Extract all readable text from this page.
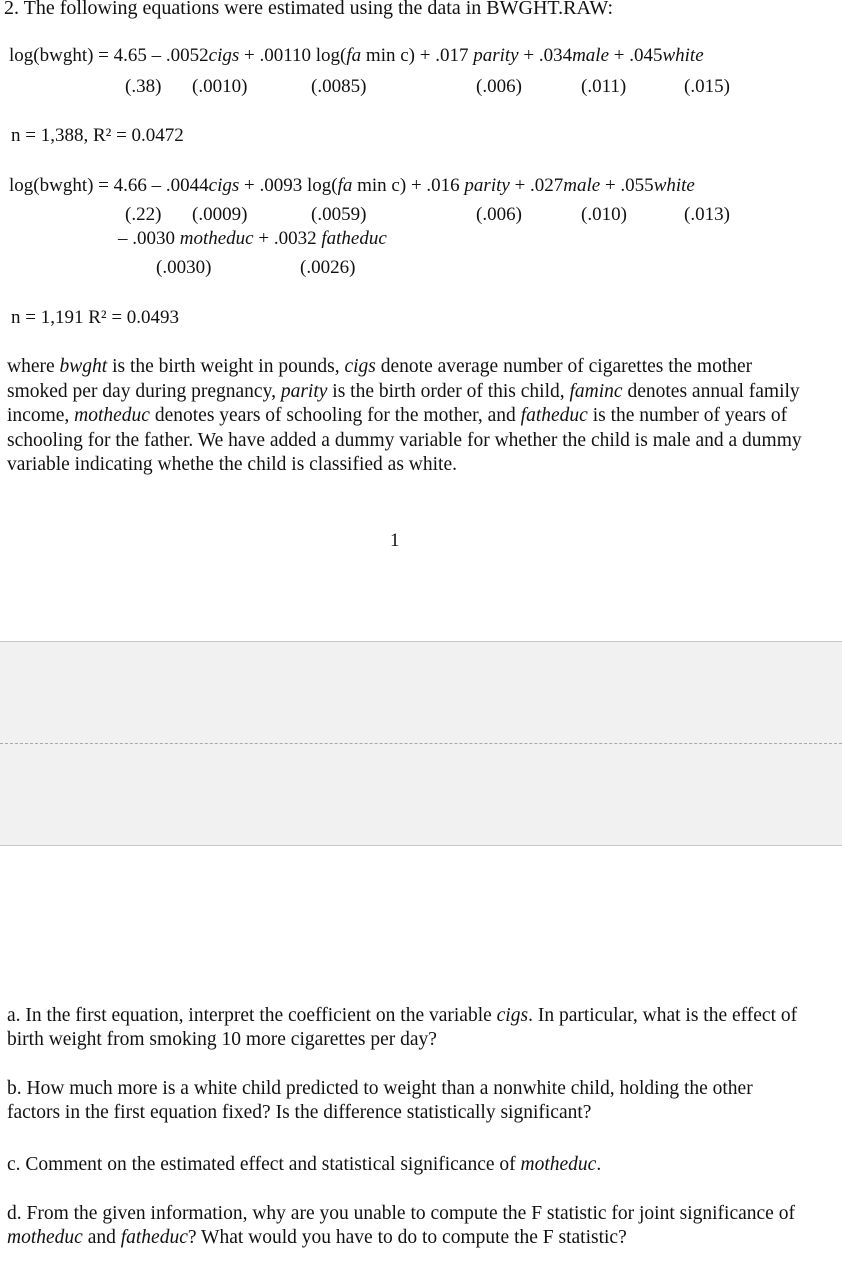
2. The following equations were estimated using the data in BWGHT.RAW:
log(bwght) = 4.65 – .0052cigs + .00110 log(fa min c) + .017 parity + .034male + .045white
(.38) (.0010)	(.0085)	(.006)	(.011)	(.015)
n = 1,388, R² = 0.0472
log(bwght) = 4.66 – .0044cigs + .0093 log(fa min c) + .016 parity + .027male + .055white
(.22) (.0009)	(.0059)	(.006)	(.010)	(.013)
– .0030 motheduc + .0032 fatheduc
(.0030)	(.0026)
n = 1,191 R² = 0.0493
where bwght is the birth weight in pounds, cigs denote average number of cigarettes the mother smoked per day during pregnancy, parity is the birth order of this child, faminc denotes annual family income, motheduc denotes years of schooling for the mother, and fatheduc is the number of years of schooling for the father. We have added a dummy variable for whether the child is male and a dummy variable indicating whethe the child is classified as white.
1
a. In the first equation, interpret the coefficient on the variable cigs. In particular, what is the effect of birth weight from smoking 10 more cigarettes per day?
b. How much more is a white child predicted to weight than a nonwhite child, holding the other factors in the first equation fixed? Is the difference statistically significant?
c. Comment on the estimated effect and statistical significance of motheduc.
d. From the given information, why are you unable to compute the F statistic for joint significance of motheduc and fatheduc? What would you have to do to compute the F statistic?
